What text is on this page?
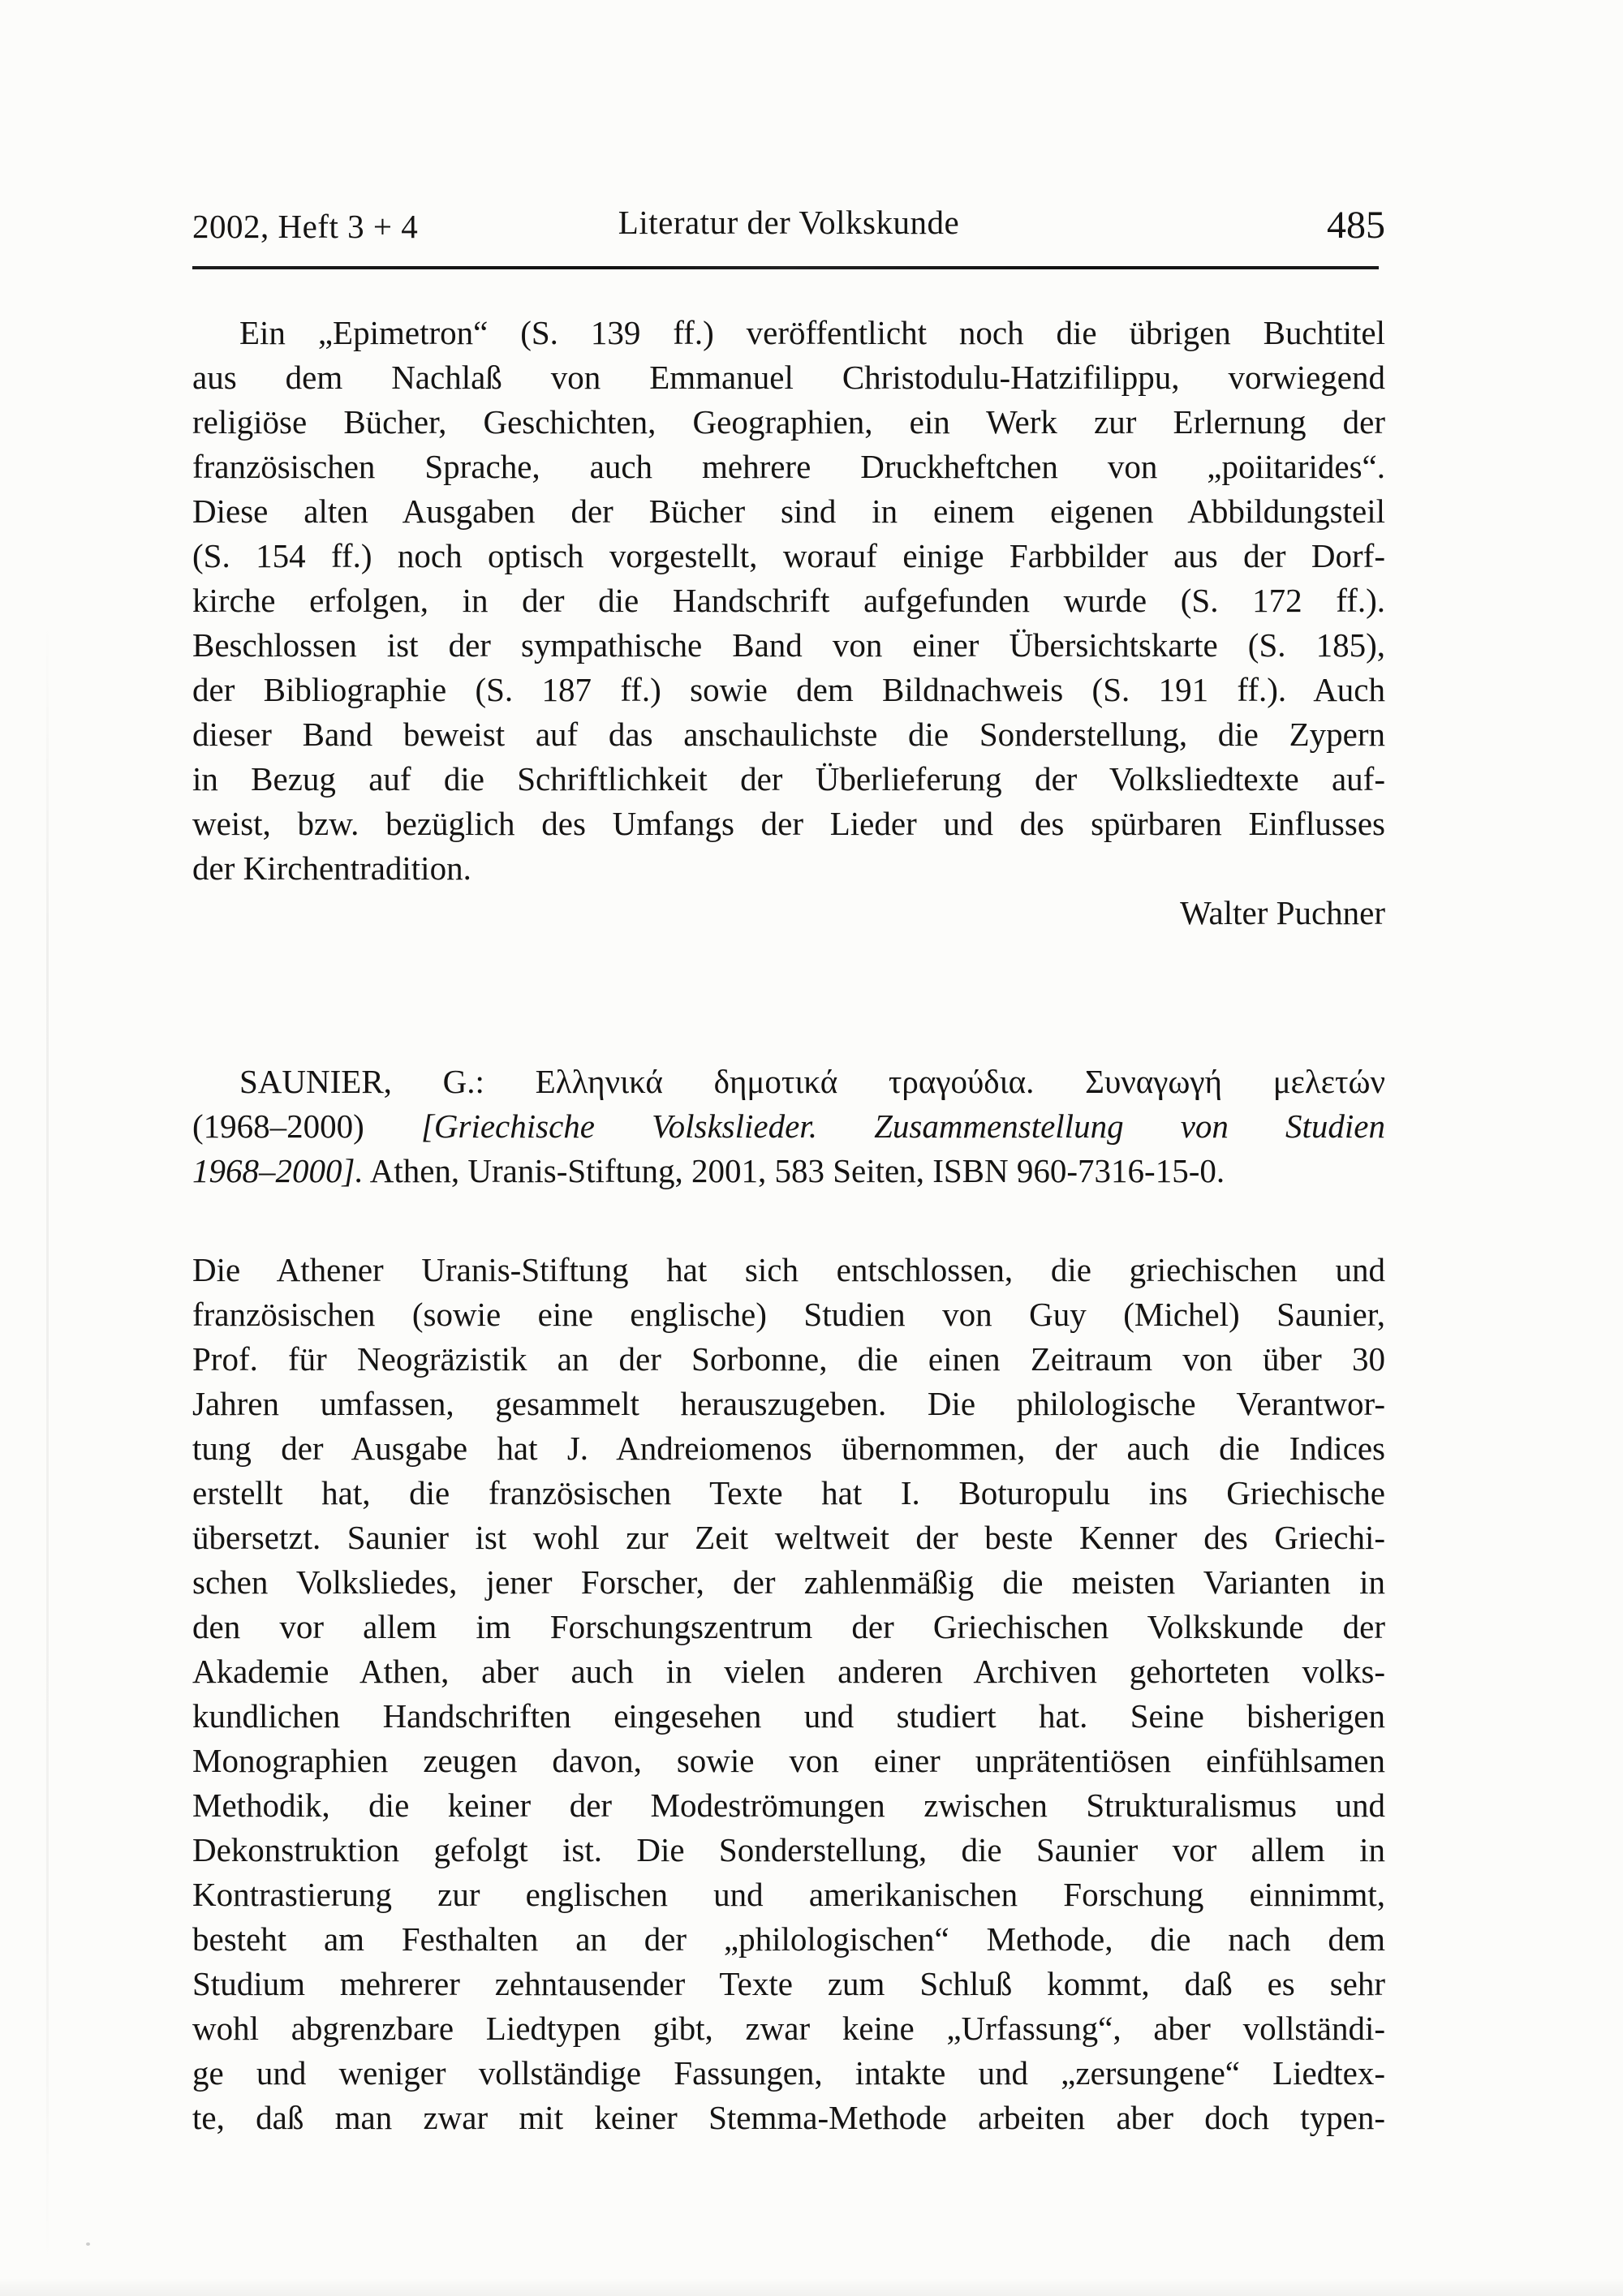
2002, Heft 3 + 4	Literatur der Volkskunde	485
Ein „Epimetron“ (S. 139 ff.) veröffentlicht noch die übrigen Buchtitel
aus dem Nachlaß von Emmanuel Christodulu-Hatzifilippu, vorwiegend
religiöse Bücher, Geschichten, Geographien, ein Werk zur Erlernung der
französischen Sprache, auch mehrere Druckheftchen von „poiitarides“.
Diese alten Ausgaben der Bücher sind in einem eigenen Abbildungsteil
(S. 154 ff.) noch optisch vorgestellt, worauf einige Farbbilder aus der Dorf-
kirche erfolgen, in der die Handschrift aufgefunden wurde (S. 172 ff.).
Beschlossen ist der sympathische Band von einer Übersichtskarte (S. 185),
der Bibliographie (S. 187 ff.) sowie dem Bildnachweis (S. 191 ff.). Auch
dieser Band beweist auf das anschaulichste die Sonderstellung, die Zypern
in Bezug auf die Schriftlichkeit der Überlieferung der Volksliedtexte auf-
weist, bzw. bezüglich des Umfangs der Lieder und des spürbaren Einflusses
der Kirchentradition.
Walter Puchner
SAUNIER, G.: Ελληνικά δημοτικά τραγούδια. Συναγωγή μελετών
(1968–2000) [Griechische Volskslieder. Zusammenstellung von Studien
1968–2000]. Athen, Uranis-Stiftung, 2001, 583 Seiten, ISBN 960-7316-15-0.
Die Athener Uranis-Stiftung hat sich entschlossen, die griechischen und
französischen (sowie eine englische) Studien von Guy (Michel) Saunier,
Prof. für Neogräzistik an der Sorbonne, die einen Zeitraum von über 30
Jahren umfassen, gesammelt herauszugeben. Die philologische Verantwor-
tung der Ausgabe hat J. Andreiomenos übernommen, der auch die Indices
erstellt hat, die französischen Texte hat I. Boturopulu ins Griechische
übersetzt. Saunier ist wohl zur Zeit weltweit der beste Kenner des Griechi-
schen Volksliedes, jener Forscher, der zahlenmäßig die meisten Varianten in
den vor allem im Forschungszentrum der Griechischen Volkskunde der
Akademie Athen, aber auch in vielen anderen Archiven gehorteten volks-
kundlichen Handschriften eingesehen und studiert hat. Seine bisherigen
Monographien zeugen davon, sowie von einer unprätentiösen einfühlsamen
Methodik, die keiner der Modeströmungen zwischen Strukturalismus und
Dekonstruktion gefolgt ist. Die Sonderstellung, die Saunier vor allem in
Kontrastierung zur englischen und amerikanischen Forschung einnimmt,
besteht am Festhalten an der „philologischen“ Methode, die nach dem
Studium mehrerer zehntausender Texte zum Schluß kommt, daß es sehr
wohl abgrenzbare Liedtypen gibt, zwar keine „Urfassung“, aber vollständi-
ge und weniger vollständige Fassungen, intakte und „zersungene“ Liedtex-
te, daß man zwar mit keiner Stemma-Methode arbeiten aber doch typen-
